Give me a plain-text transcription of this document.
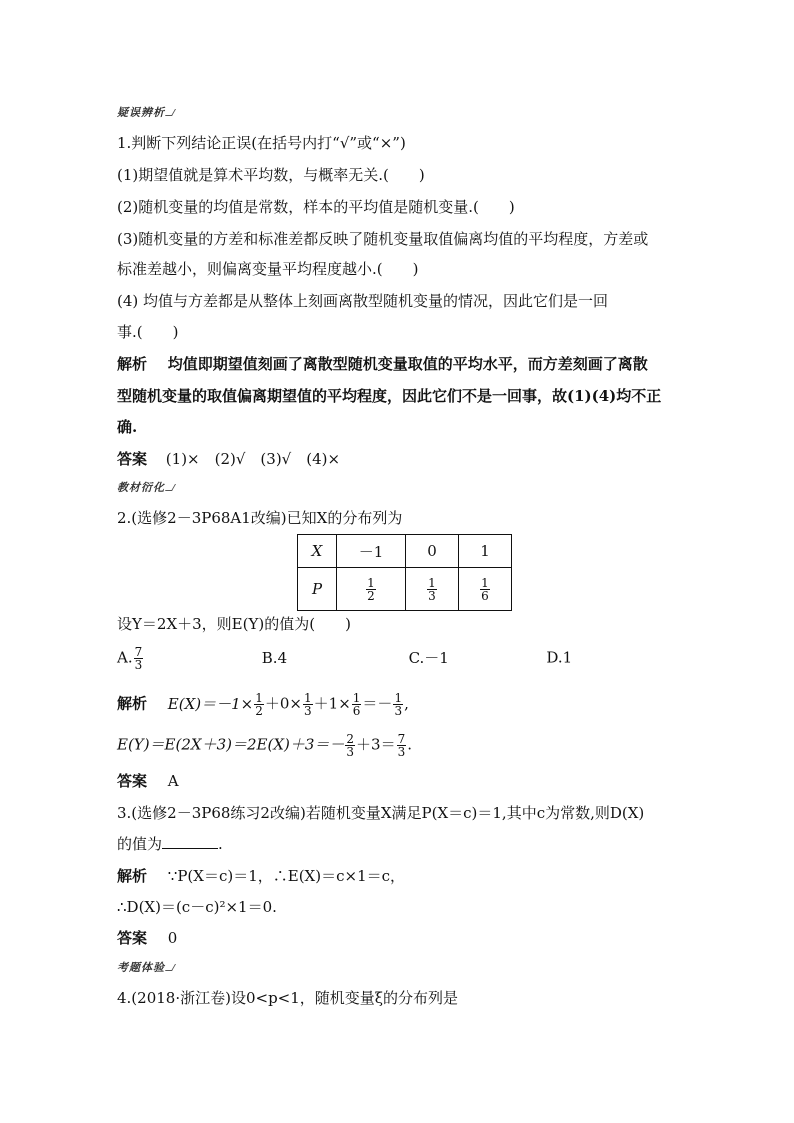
疑误辨析
1.判断下列结论正误(在括号内打“√”或“×”)
(1)期望值就是算术平均数，与概率无关.(　　)
(2)随机变量的均值是常数，样本的平均值是随机变量.(　　)
(3)随机变量的方差和标准差都反映了随机变量取值偏离均值的平均程度，方差或
标准差越小，则偏离变量平均程度越小.(　　)
(4) 均值与方差都是从整体上刻画离散型随机变量的情况，因此它们是一回
事.(　　)
解析 均值即期望值刻画了离散型随机变量取值的平均水平，而方差刻画了离散
型随机变量的取值偏离期望值的平均程度，因此它们不是一回事，故(1)(4)均不正
确.
答案 (1)×　(2)√　(3)√　(4)×
教材衍化
2.(选修2－3P68A1改编)已知X的分布列为
X	－1	0	1
P	$\frac{1}{2}$	$\frac{1}{3}$	$\frac{1}{6}$
设Y＝2X＋3，则E(Y)的值为(　　)
A. $\frac{7}{3}$	B.4	C.－1	D.1
解析 $E(X)=-1\times \frac{1}{2} +0\times \frac{1}{3} +1\times \frac{1}{6} =- \frac{1}{3}$ ,
$E(Y)=E(2X+3)=2E(X)+3=- \frac{2}{3} +3= \frac{7}{3}$ .
答案 A
3.(选修2－3P68练习2改编)若随机变量X满足P(X＝c)＝1,其中c为常数,则D(X)
的值为	.
解析 ∵P(X＝c)＝1，∴E(X)＝c×1＝c，
∴D(X)＝(c－c)²×1＝0.
答案 0
考题体验
4.(2018·浙江卷)设0<p<1，随机变量ξ的分布列是
